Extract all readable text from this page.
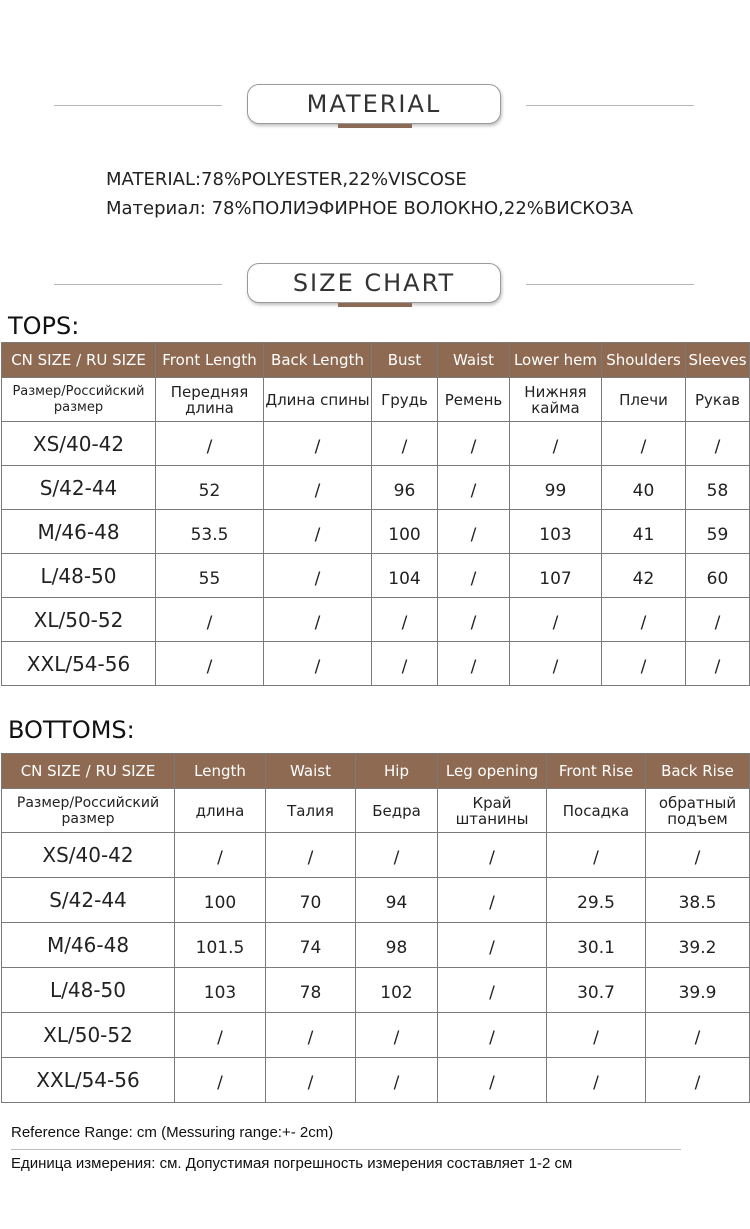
MATERIAL
MATERIAL:78%POLYESTER,22%VISCOSE
Материал: 78%ПОЛИЭФИРНОЕ ВОЛОКНО,22%ВИСКОЗА
SIZE CHART
TOPS:
CN SIZE / RU SIZE	Front Length	Back Length	Bust	Waist	Lower hem	Shoulders	Sleeves
Размер/Российский размер	Передняя длина	Длина спины	Грудь	Ремень	Нижняя кайма	Плечи	Рукав
XS/40-42	/	/	/	/	/	/	/
S/42-44	52	/	96	/	99	40	58
M/46-48	53.5	/	100	/	103	41	59
L/48-50	55	/	104	/	107	42	60
XL/50-52	/	/	/	/	/	/	/
XXL/54-56	/	/	/	/	/	/	/
BOTTOMS:
CN SIZE / RU SIZE	Length	Waist	Hip	Leg opening	Front Rise	Back Rise
Размер/Российский размер	длина	Талия	Бедра	Край штанины	Посадка	обратный подъем
XS/40-42	/	/	/	/	/	/
S/42-44	100	70	94	/	29.5	38.5
M/46-48	101.5	74	98	/	30.1	39.2
L/48-50	103	78	102	/	30.7	39.9
XL/50-52	/	/	/	/	/	/
XXL/54-56	/	/	/	/	/	/
Reference Range: cm (Messuring range:+- 2cm)
Единица измерения: см. Допустимая погрешность измерения составляет 1-2 см
